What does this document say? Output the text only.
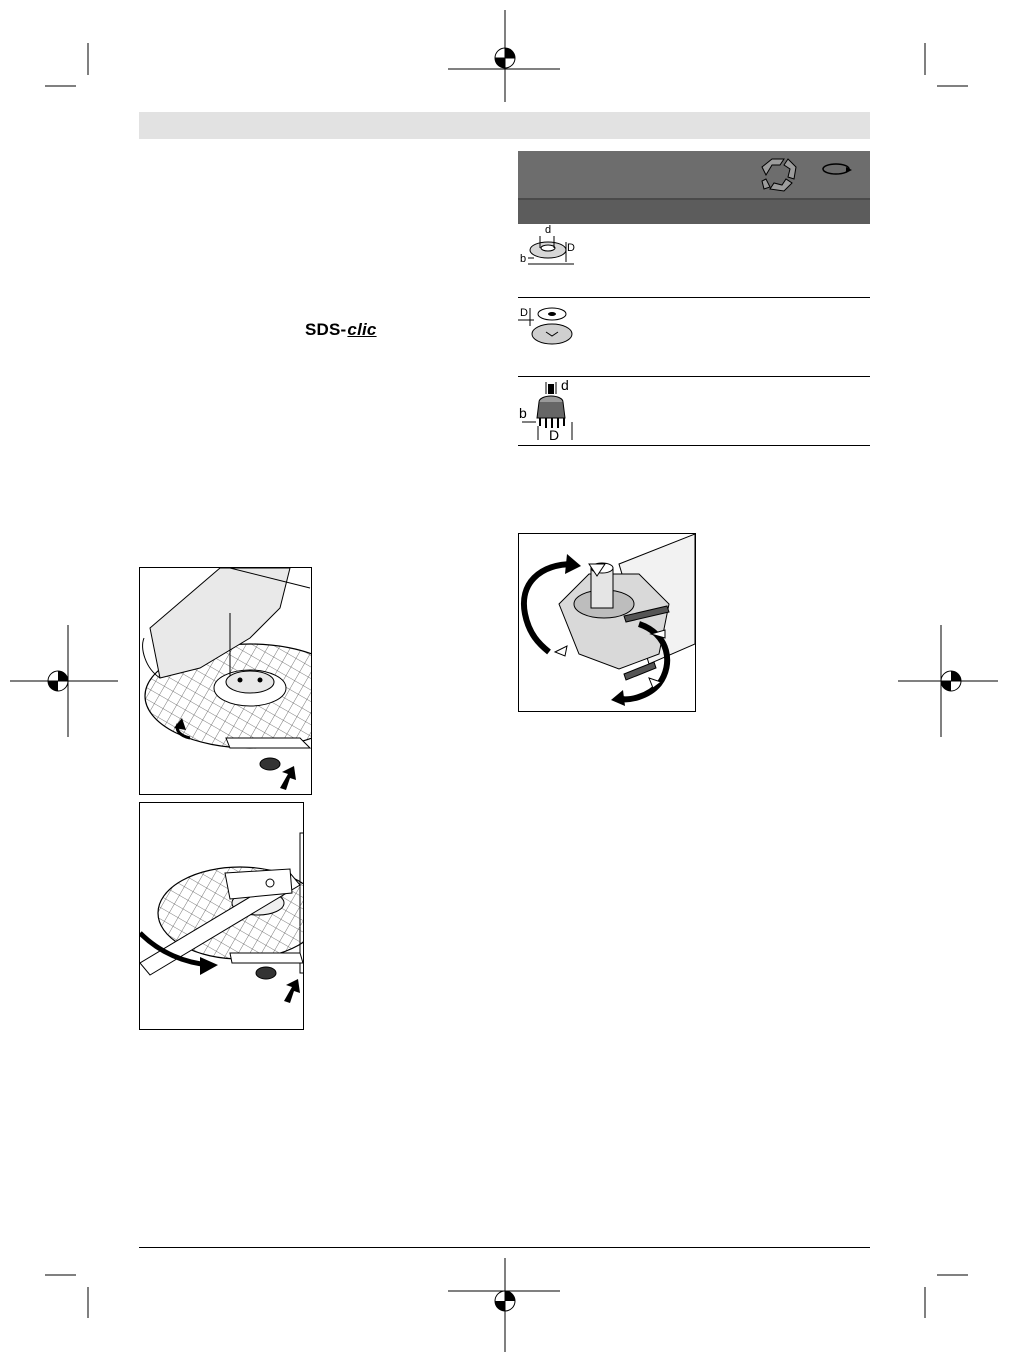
SDS-clic
d
D
b
D
d
b
D
